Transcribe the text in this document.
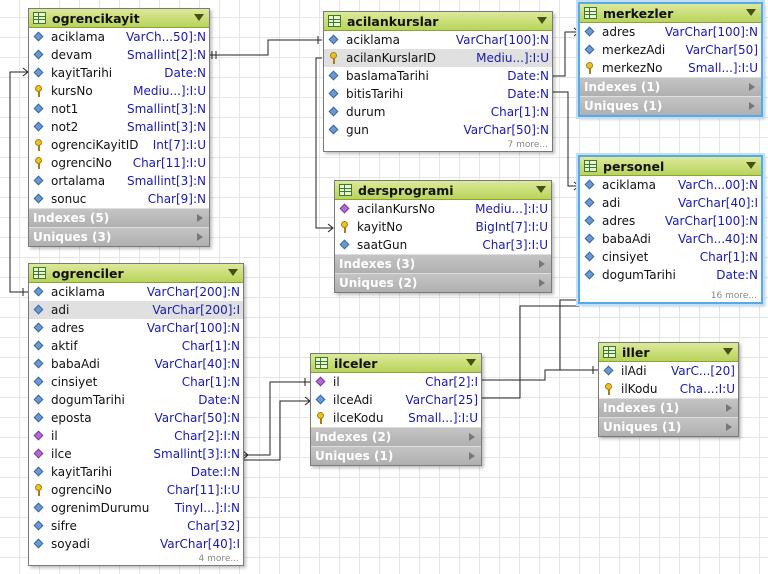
ogrencikayit
aciklama	VarCh...50]:N
devam	Smallint[2]:N
kayitTarihi	Date:N
kursNo	Mediu...]:I:U
not1	Smallint[3]:N
not2	Smallint[3]:N
ogrenciKayitID	Int[7]:I:U
ogrenciNo	Char[11]:I:U
ortalama	Smallint[3]:N
sonuc	Char[9]:N
Indexes (5)
Uniques (3)
acilankurslar
aciklama	VarChar[100]:N
acilanKurslarID	Mediu...]:I:U
baslamaTarihi	Date:N
bitisTarihi	Date:N
durum	Char[1]:N
gun	VarChar[50]:N
7 more...
merkezler
adres	VarChar[100]:N
merkezAdi	VarChar[50]
merkezNo	Small...]:I:U
Indexes (1)
Uniques (1)
dersprogrami
acilanKursNo	Mediu...]:I:U
kayitNo	BigInt[7]:I:U
saatGun	Char[3]:I:U
Indexes (3)
Uniques (2)
personel
aciklama	VarCh...00]:N
adi	VarChar[40]:I
adres	VarChar[100]:N
babaAdi	VarCh...40]:N
cinsiyet	Char[1]:N
dogumTarihi	Date:N
16 more...
ogrenciler
aciklama	VarChar[200]:N
adi	VarChar[200]:I
adres	VarChar[100]:N
aktif	Char[1]:N
babaAdi	VarChar[40]:N
cinsiyet	Char[1]:N
dogumTarihi	Date:N
eposta	VarChar[50]:N
il	Char[2]:I:N
ilce	Smallint[3]:I:N
kayitTarihi	Date:I:N
ogrenciNo	Char[11]:I:U
ogrenimDurumu	TinyI...]:I:N
sifre	Char[32]
soyadi	VarChar[40]:I
4 more...
ilceler
il	Char[2]:I
ilceAdi	VarChar[25]
ilceKodu	Small...]:I:U
Indexes (2)
Uniques (1)
iller
ilAdi	VarC...[20]
ilKodu	Cha...:I:U
Indexes (1)
Uniques (1)
